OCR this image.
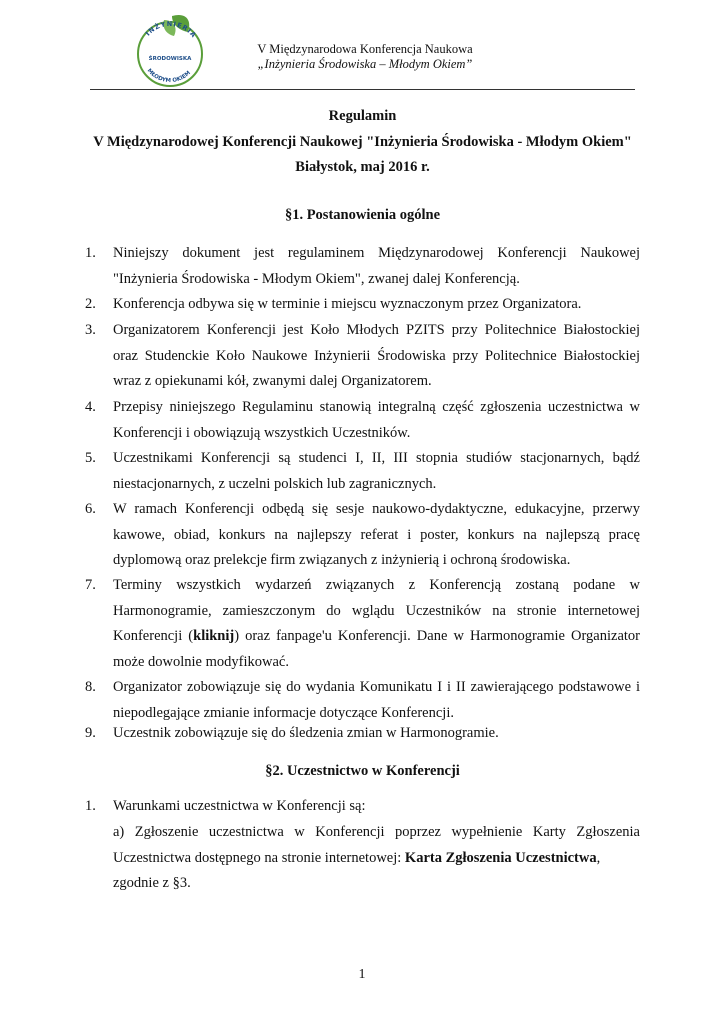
INŻYNIERIA
ŚRODOWISKA
MŁODYM OKIEM
V Międzynarodowa Konferencja Naukowa
„Inżynieria Środowiska – Młodym Okiem”
Regulamin
V Międzynarodowej Konferencji Naukowej "Inżynieria Środowiska - Młodym Okiem"
Białystok, maj 2016 r.
§1. Postanowienia ogólne
1. Niniejszy dokument jest regulaminem Międzynarodowej Konferencji Naukowej "Inżynieria Środowiska - Młodym Okiem", zwanej dalej Konferencją.
2. Konferencja odbywa się w terminie i miejscu wyznaczonym przez Organizatora.
3. Organizatorem Konferencji jest Koło Młodych PZITS przy Politechnice Białostockiej oraz Studenckie Koło Naukowe Inżynierii Środowiska przy Politechnice Białostockiej wraz z opiekunami kół, zwanymi dalej Organizatorem.
4. Przepisy niniejszego Regulaminu stanowią integralną część zgłoszenia uczestnictwa w Konferencji i obowiązują wszystkich Uczestników.
5. Uczestnikami Konferencji są studenci I, II, III stopnia studiów stacjonarnych, bądź niestacjonarnych, z uczelni polskich lub zagranicznych.
6. W ramach Konferencji odbędą się sesje naukowo-dydaktyczne, edukacyjne, przerwy kawowe, obiad, konkurs na najlepszy referat i poster, konkurs na najlepszą pracę dyplomową oraz prelekcje firm związanych z inżynierią i ochroną środowiska.
7. Terminy wszystkich wydarzeń związanych z Konferencją zostaną podane w Harmonogramie, zamieszczonym do wglądu Uczestników na stronie internetowej Konferencji (kliknij) oraz fanpage'u Konferencji. Dane w Harmonogramie Organizator może dowolnie modyfikować.
8. Organizator zobowiązuje się do wydania Komunikatu I i II zawierającego podstawowe i niepodlegające zmianie informacje dotyczące Konferencji.
9. Uczestnik zobowiązuje się do śledzenia zmian w Harmonogramie.
§2. Uczestnictwo w Konferencji
1. Warunkami uczestnictwa w Konferencji są:
a) Zgłoszenie uczestnictwa w Konferencji poprzez wypełnienie Karty Zgłoszenia Uczestnictwa dostępnego na stronie internetowej: Karta Zgłoszenia Uczestnictwa,
zgodnie z §3.
1
